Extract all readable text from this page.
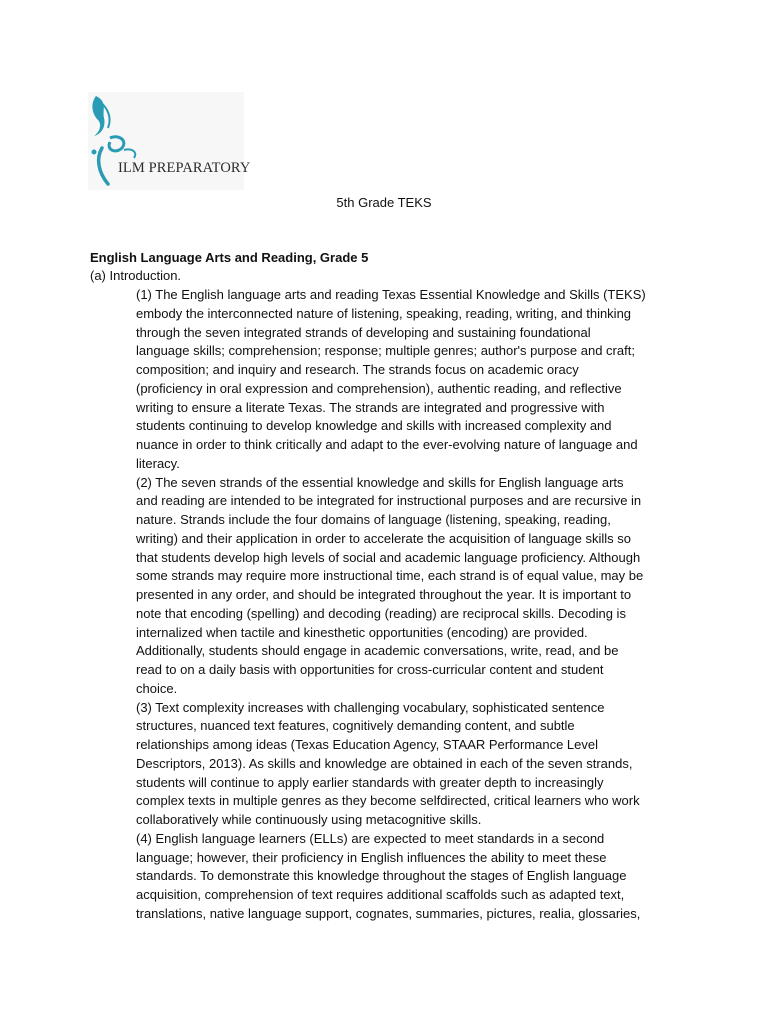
ILM PREPARATORY
5th Grade TEKS
English Language Arts and Reading, Grade 5
(a) Introduction.
(1) The English language arts and reading Texas Essential Knowledge and Skills (TEKS)
embody the interconnected nature of listening, speaking, reading, writing, and thinking
through the seven integrated strands of developing and sustaining foundational
language skills; comprehension; response; multiple genres; author's purpose and craft;
composition; and inquiry and research. The strands focus on academic oracy
(proficiency in oral expression and comprehension), authentic reading, and reflective
writing to ensure a literate Texas. The strands are integrated and progressive with
students continuing to develop knowledge and skills with increased complexity and
nuance in order to think critically and adapt to the ever-evolving nature of language and
literacy.
(2) The seven strands of the essential knowledge and skills for English language arts
and reading are intended to be integrated for instructional purposes and are recursive in
nature. Strands include the four domains of language (listening, speaking, reading,
writing) and their application in order to accelerate the acquisition of language skills so
that students develop high levels of social and academic language proficiency. Although
some strands may require more instructional time, each strand is of equal value, may be
presented in any order, and should be integrated throughout the year. It is important to
note that encoding (spelling) and decoding (reading) are reciprocal skills. Decoding is
internalized when tactile and kinesthetic opportunities (encoding) are provided.
Additionally, students should engage in academic conversations, write, read, and be
read to on a daily basis with opportunities for cross-curricular content and student
choice.
(3) Text complexity increases with challenging vocabulary, sophisticated sentence
structures, nuanced text features, cognitively demanding content, and subtle
relationships among ideas (Texas Education Agency, STAAR Performance Level
Descriptors, 2013). As skills and knowledge are obtained in each of the seven strands,
students will continue to apply earlier standards with greater depth to increasingly
complex texts in multiple genres as they become selfdirected, critical learners who work
collaboratively while continuously using metacognitive skills.
(4) English language learners (ELLs) are expected to meet standards in a second
language; however, their proficiency in English influences the ability to meet these
standards. To demonstrate this knowledge throughout the stages of English language
acquisition, comprehension of text requires additional scaffolds such as adapted text,
translations, native language support, cognates, summaries, pictures, realia, glossaries,
